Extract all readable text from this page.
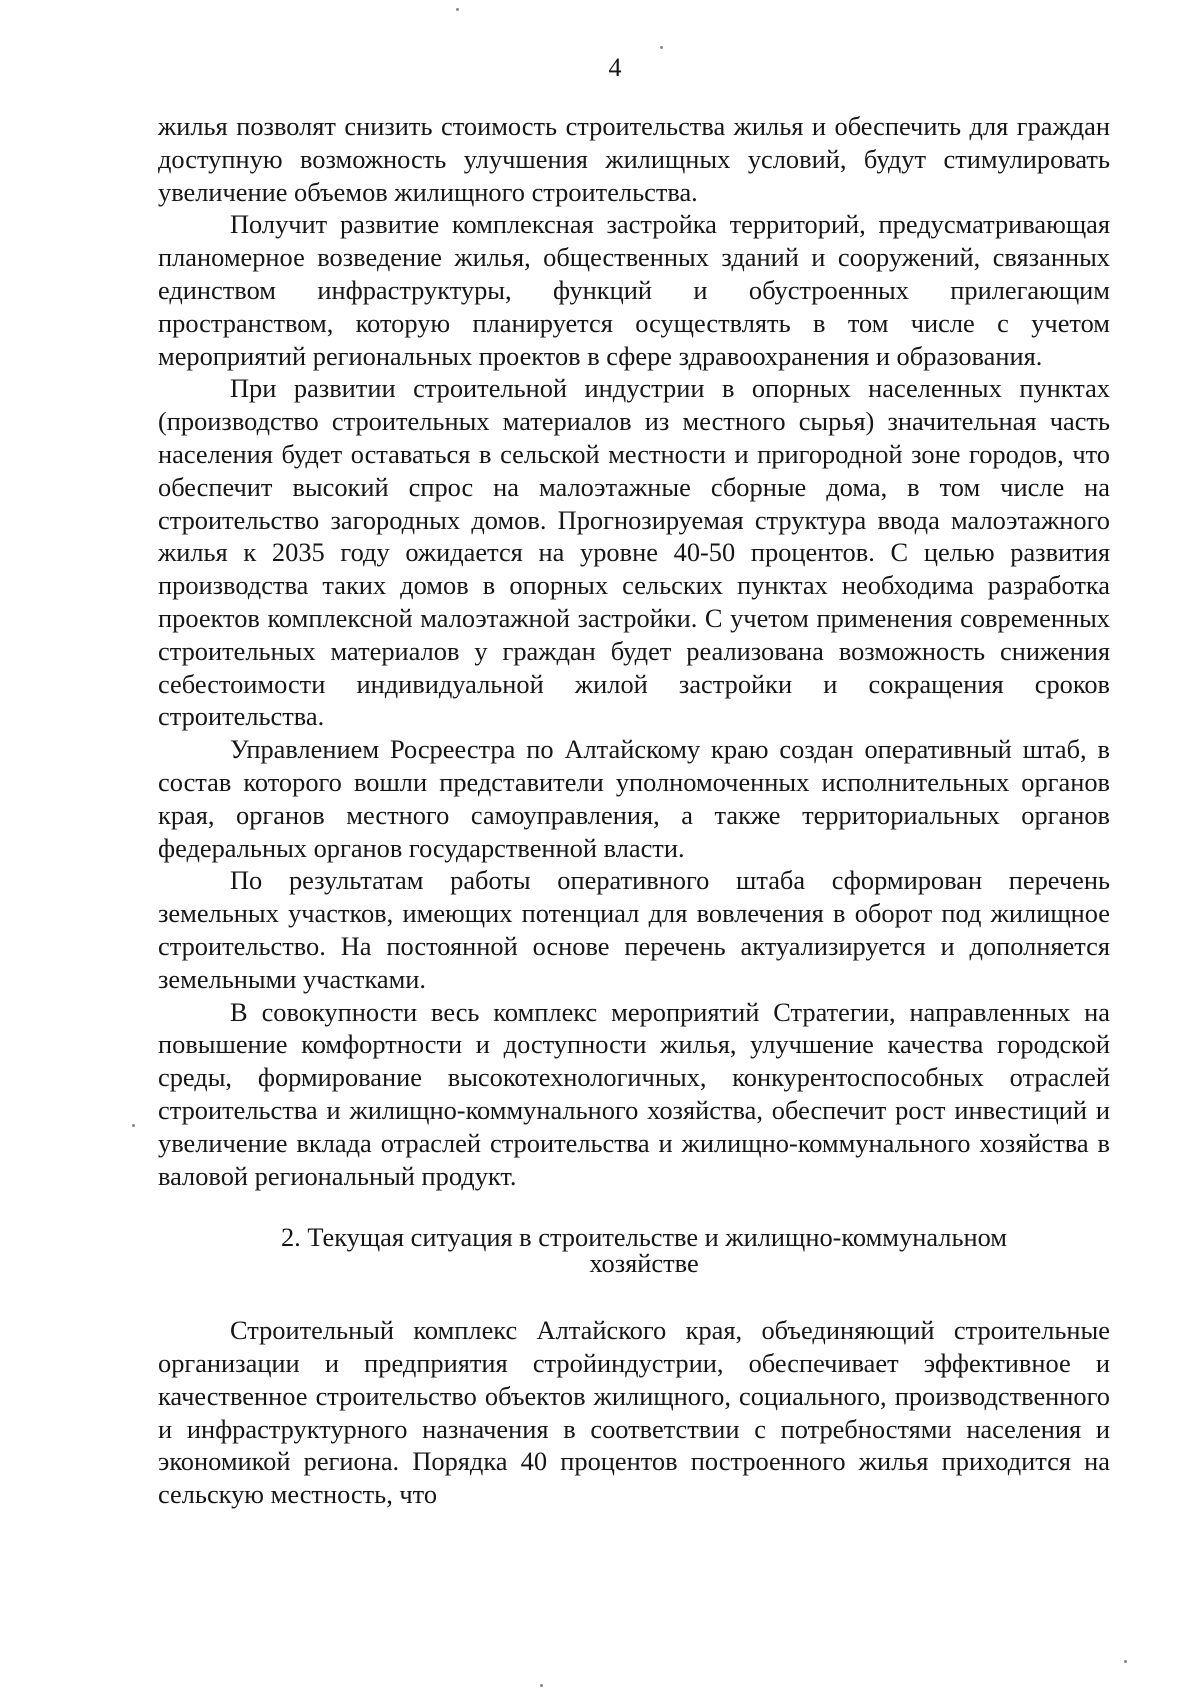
4

жилья позволят снизить стоимость строительства жилья и обеспечить для граждан доступную возможность улучшения жилищных условий, будут стимулировать увеличение объемов жилищного строительства.

Получит развитие комплексная застройка территорий, предусматривающая планомерное возведение жилья, общественных зданий и сооружений, связанных единством инфраструктуры, функций и обустроенных прилегающим пространством, которую планируется осуществлять в том числе с учетом мероприятий региональных проектов в сфере здравоохранения и образования.

При развитии строительной индустрии в опорных населенных пунктах (производство строительных материалов из местного сырья) значительная часть населения будет оставаться в сельской местности и пригородной зоне городов, что обеспечит высокий спрос на малоэтажные сборные дома, в том числе на строительство загородных домов. Прогнозируемая структура ввода малоэтажного жилья к 2035 году ожидается на уровне 40-50 процентов. С целью развития производства таких домов в опорных сельских пунктах необходима разработка проектов комплексной малоэтажной застройки. С учетом применения современных строительных материалов у граждан будет реализована возможность снижения себестоимости индивидуальной жилой застройки и сокращения сроков строительства.

Управлением Росреестра по Алтайскому краю создан оперативный штаб, в состав которого вошли представители уполномоченных исполнительных органов края, органов местного самоуправления, а также территориальных органов федеральных органов государственной власти.

По результатам работы оперативного штаба сформирован перечень земельных участков, имеющих потенциал для вовлечения в оборот под жилищное строительство. На постоянной основе перечень актуализируется и дополняется земельными участками.

В совокупности весь комплекс мероприятий Стратегии, направленных на повышение комфортности и доступности жилья, улучшение качества городской среды, формирование высокотехнологичных, конкурентоспособных отраслей строительства и жилищно-коммунального хозяйства, обеспечит рост инвестиций и увеличение вклада отраслей строительства и жилищно-коммунального хозяйства в валовой региональный продукт.

2. Текущая ситуация в строительстве и жилищно-коммунальном
хозяйстве

Строительный комплекс Алтайского края, объединяющий строительные организации и предприятия стройиндустрии, обеспечивает эффективное и качественное строительство объектов жилищного, социального, производственного и инфраструктурного назначения в соответствии с потребностями населения и экономикой региона. Порядка 40 процентов построенного жилья приходится на сельскую местность, что
